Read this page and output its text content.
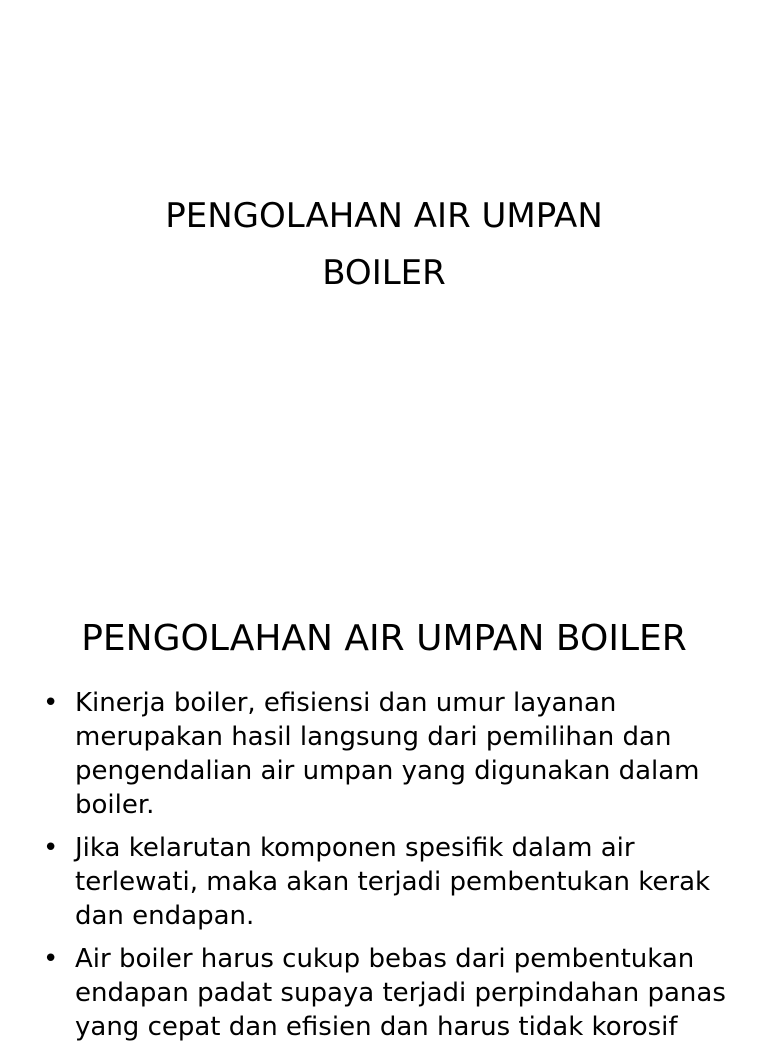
PENGOLAHAN AIR UMPAN
BOILER
PENGOLAHAN AIR UMPAN BOILER
• Kinerja boiler, efisiensi dan umur layanan
merupakan hasil langsung dari pemilihan dan
pengendalian air umpan yang digunakan dalam
boiler.
• Jika kelarutan komponen spesifik dalam air
terlewati, maka akan terjadi pembentukan kerak
dan endapan.
• Air boiler harus cukup bebas dari pembentukan
endapan padat supaya terjadi perpindahan panas
yang cepat dan efisien dan harus tidak korosif
